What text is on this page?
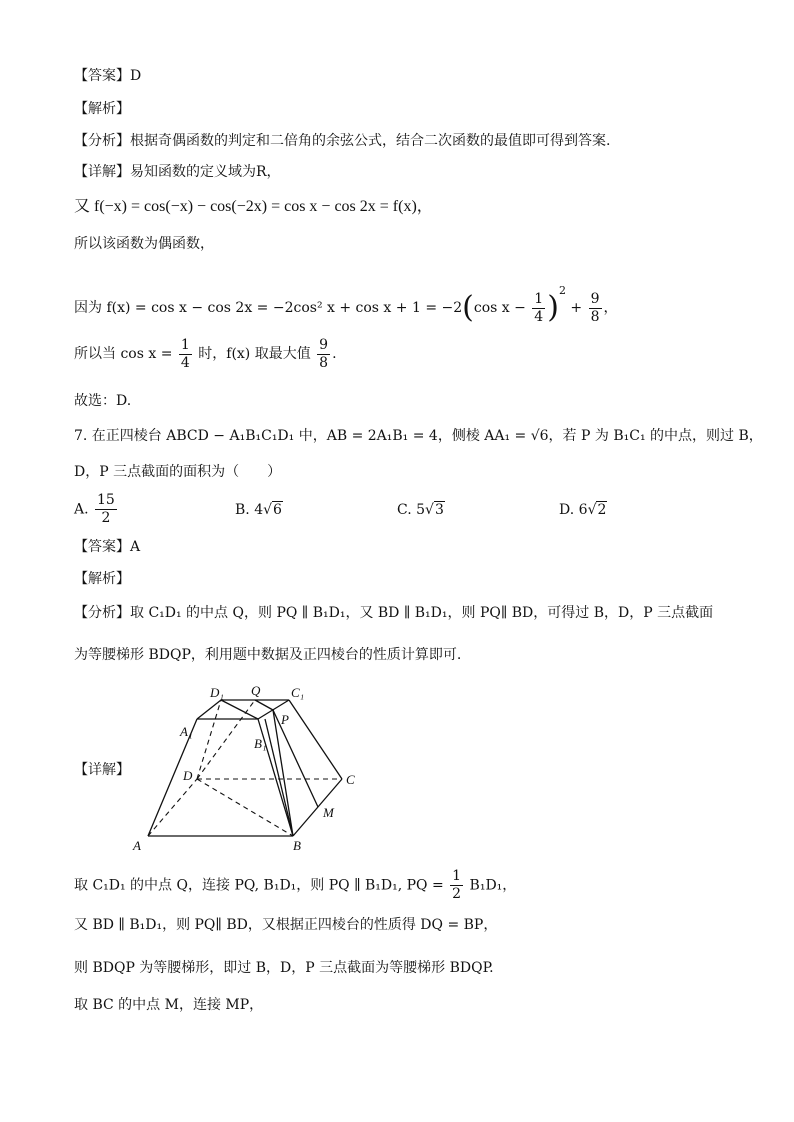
【答案】D
【解析】
【分析】根据奇偶函数的判定和二倍角的余弦公式，结合二次函数的最值即可得到答案.
【详解】易知函数的定义域为R，
又 f(−x) = cos(−x) − cos(−2x) = cos x − cos 2x = f(x)，
所以该函数为偶函数，
因为 f(x) = cos x − cos 2x = −2cos² x + cos x + 1 = −2(cos $x - \frac{1}{4} )^2 + \frac{9}{8}$ ，
所以当 $\cos x = \frac{1}{4}$ 时，f(x) 取最大值 $\frac{9}{8}$ .
故选：D.
7. 在正四棱台 ABCD − A₁B₁C₁D₁ 中，AB = 2A₁B₁ = 4，侧棱 AA₁ = √6，若 P 为 B₁C₁ 的中点，则过 B，
D，P 三点截面的面积为（　　）
A. $\frac{15}{2}$	B. 4√6	C. 5√3	D. 6√2
【答案】A
【解析】
【分析】取 C₁D₁ 的中点 Q，则 PQ ∥ B₁D₁，又 BD ∥ B₁D₁，则 PQ∥ BD，可得过 B，D，P 三点截面
为等腰梯形 BDQP，利用题中数据及正四棱台的性质计算即可.
【详解】
A	B
C
D
A₁
B₁
C₁
D₁
P
Q
M
取 C₁D₁ 的中点 Q，连接 PQ, B₁D₁，则 PQ ∥ B₁D₁, PQ = $\frac{1}{2} B_1D_1$，
又 BD ∥ B₁D₁，则 PQ∥ BD，又根据正四棱台的性质得 DQ = BP，
则 BDQP 为等腰梯形，即过 B，D，P 三点截面为等腰梯形 BDQP.
取 BC 的中点 M，连接 MP，
